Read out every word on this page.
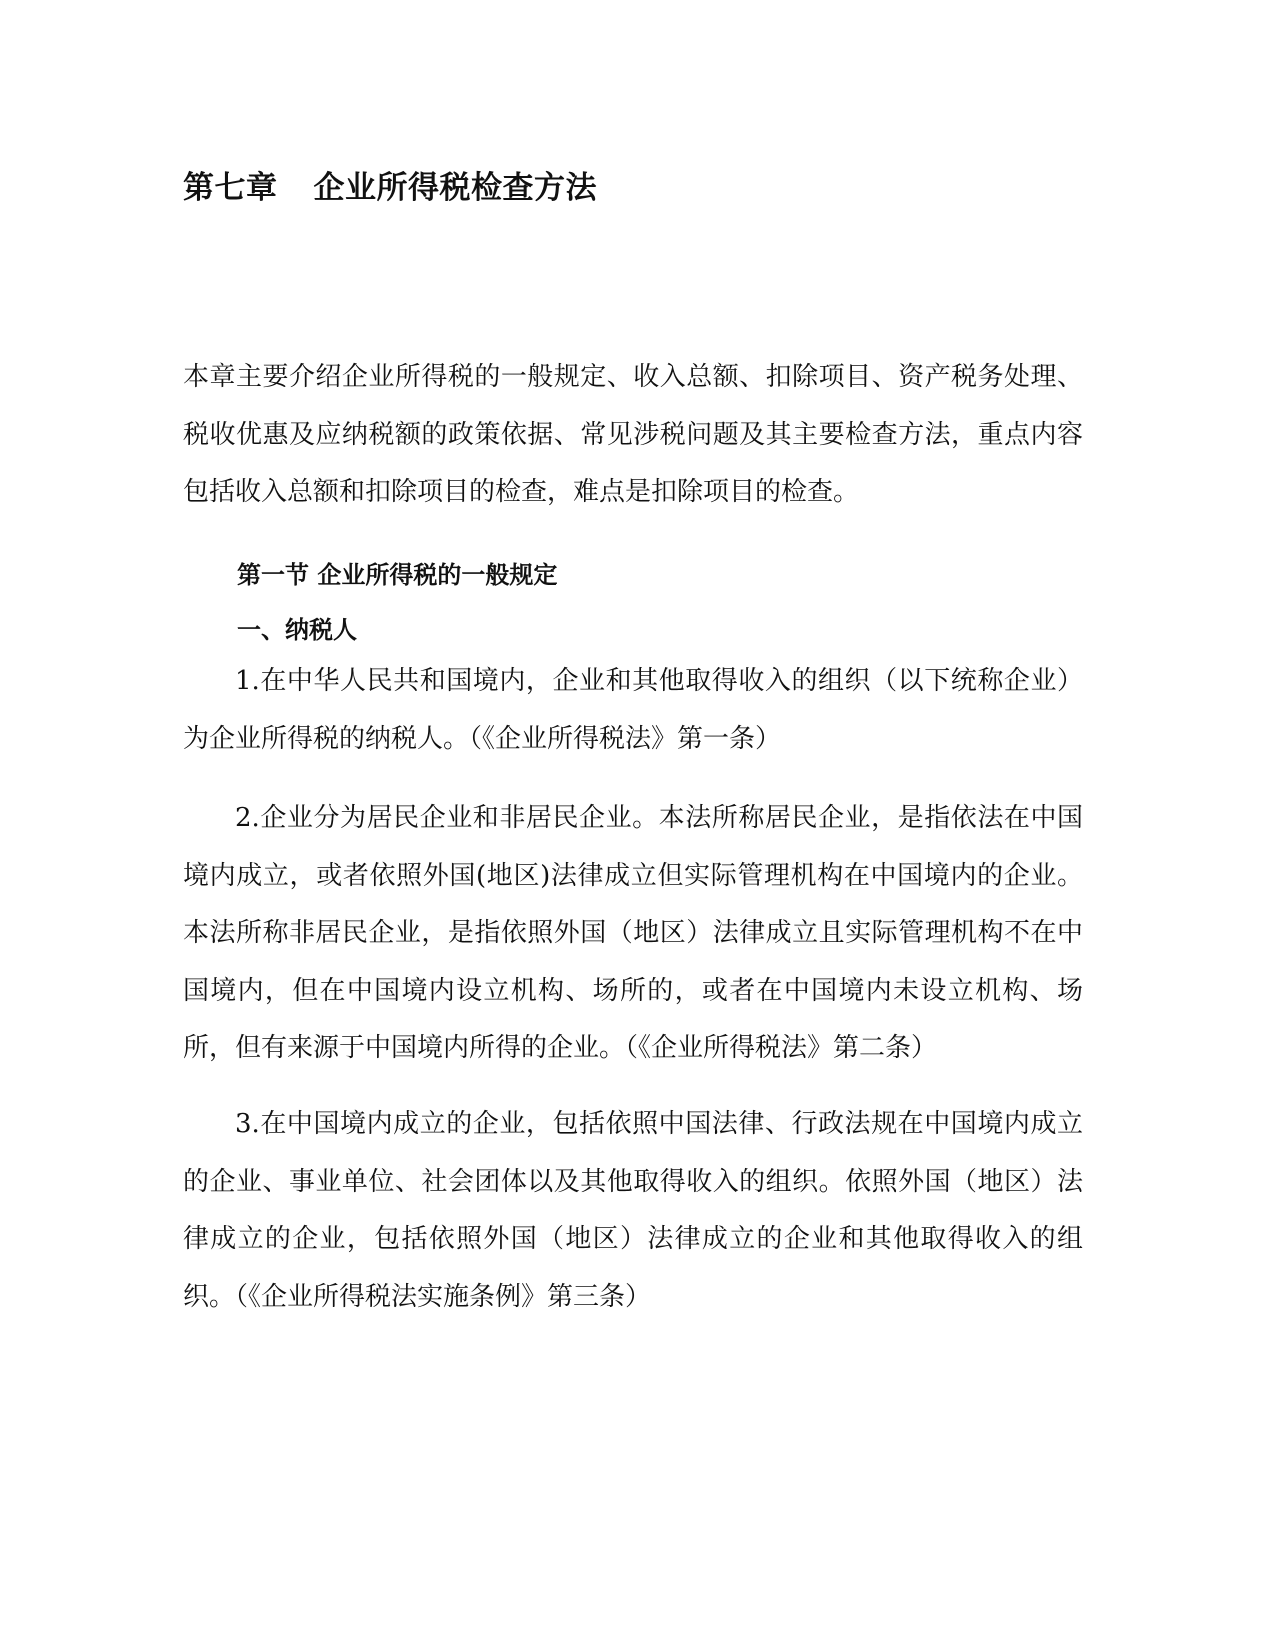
第七章 企业所得税检查方法

本章主要介绍企业所得税的一般规定、收入总额、扣除项目、资产税务处理、税收优惠及应纳税额的政策依据、常见涉税问题及其主要检查方法，重点内容包括收入总额和扣除项目的检查，难点是扣除项目的检查。

第一节 企业所得税的一般规定
一、纳税人

1.在中华人民共和国境内，企业和其他取得收入的组织（以下统称企业）为企业所得税的纳税人。（《企业所得税法》第一条）

2.企业分为居民企业和非居民企业。本法所称居民企业，是指依法在中国境内成立，或者依照外国(地区)法律成立但实际管理机构在中国境内的企业。本法所称非居民企业，是指依照外国（地区）法律成立且实际管理机构不在中国境内，但在中国境内设立机构、场所的，或者在中国境内未设立机构、场所，但有来源于中国境内所得的企业。（《企业所得税法》第二条）

3.在中国境内成立的企业，包括依照中国法律、行政法规在中国境内成立的企业、事业单位、社会团体以及其他取得收入的组织。依照外国（地区）法律成立的企业，包括依照外国（地区）法律成立的企业和其他取得收入的组织。（《企业所得税法实施条例》第三条）
